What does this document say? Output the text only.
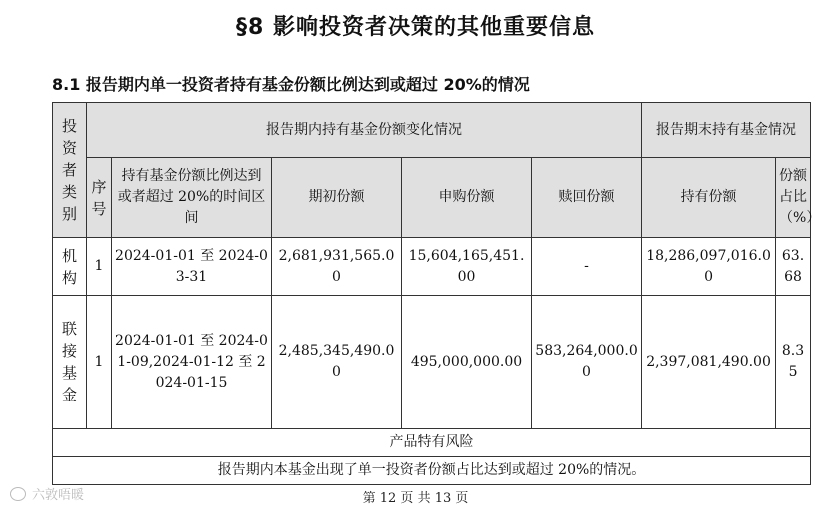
§8 影响投资者决策的其他重要信息
8.1 报告期内单一投资者持有基金份额比例达到或超过 20%的情况
投
资
者
类
别	报告期内持有基金份额变化情况					报告期末持有基金情况	

	序
号	持有基金份额比例达到或者超过 20%的时间区间	期初份额	申购份额	赎回份额	持有份额	份额占比（%）

机
构	1	2024-01-01 至 2024-03-31	2,681,931,565.00	15,604,165,451.00	-	18,286,097,016.00	63.68

联
接
基
金	1	2024-01-01 至 2024-01-09,2024-01-12 至 2024-01-15	2,485,345,490.00	495,000,000.00	583,264,000.00	2,397,081,490.00	8.35
产品特有风险							
报告期内本基金出现了单一投资者份额占比达到或超过 20%的情况。							
六敦唔暖	第 12 页 共 13 页
